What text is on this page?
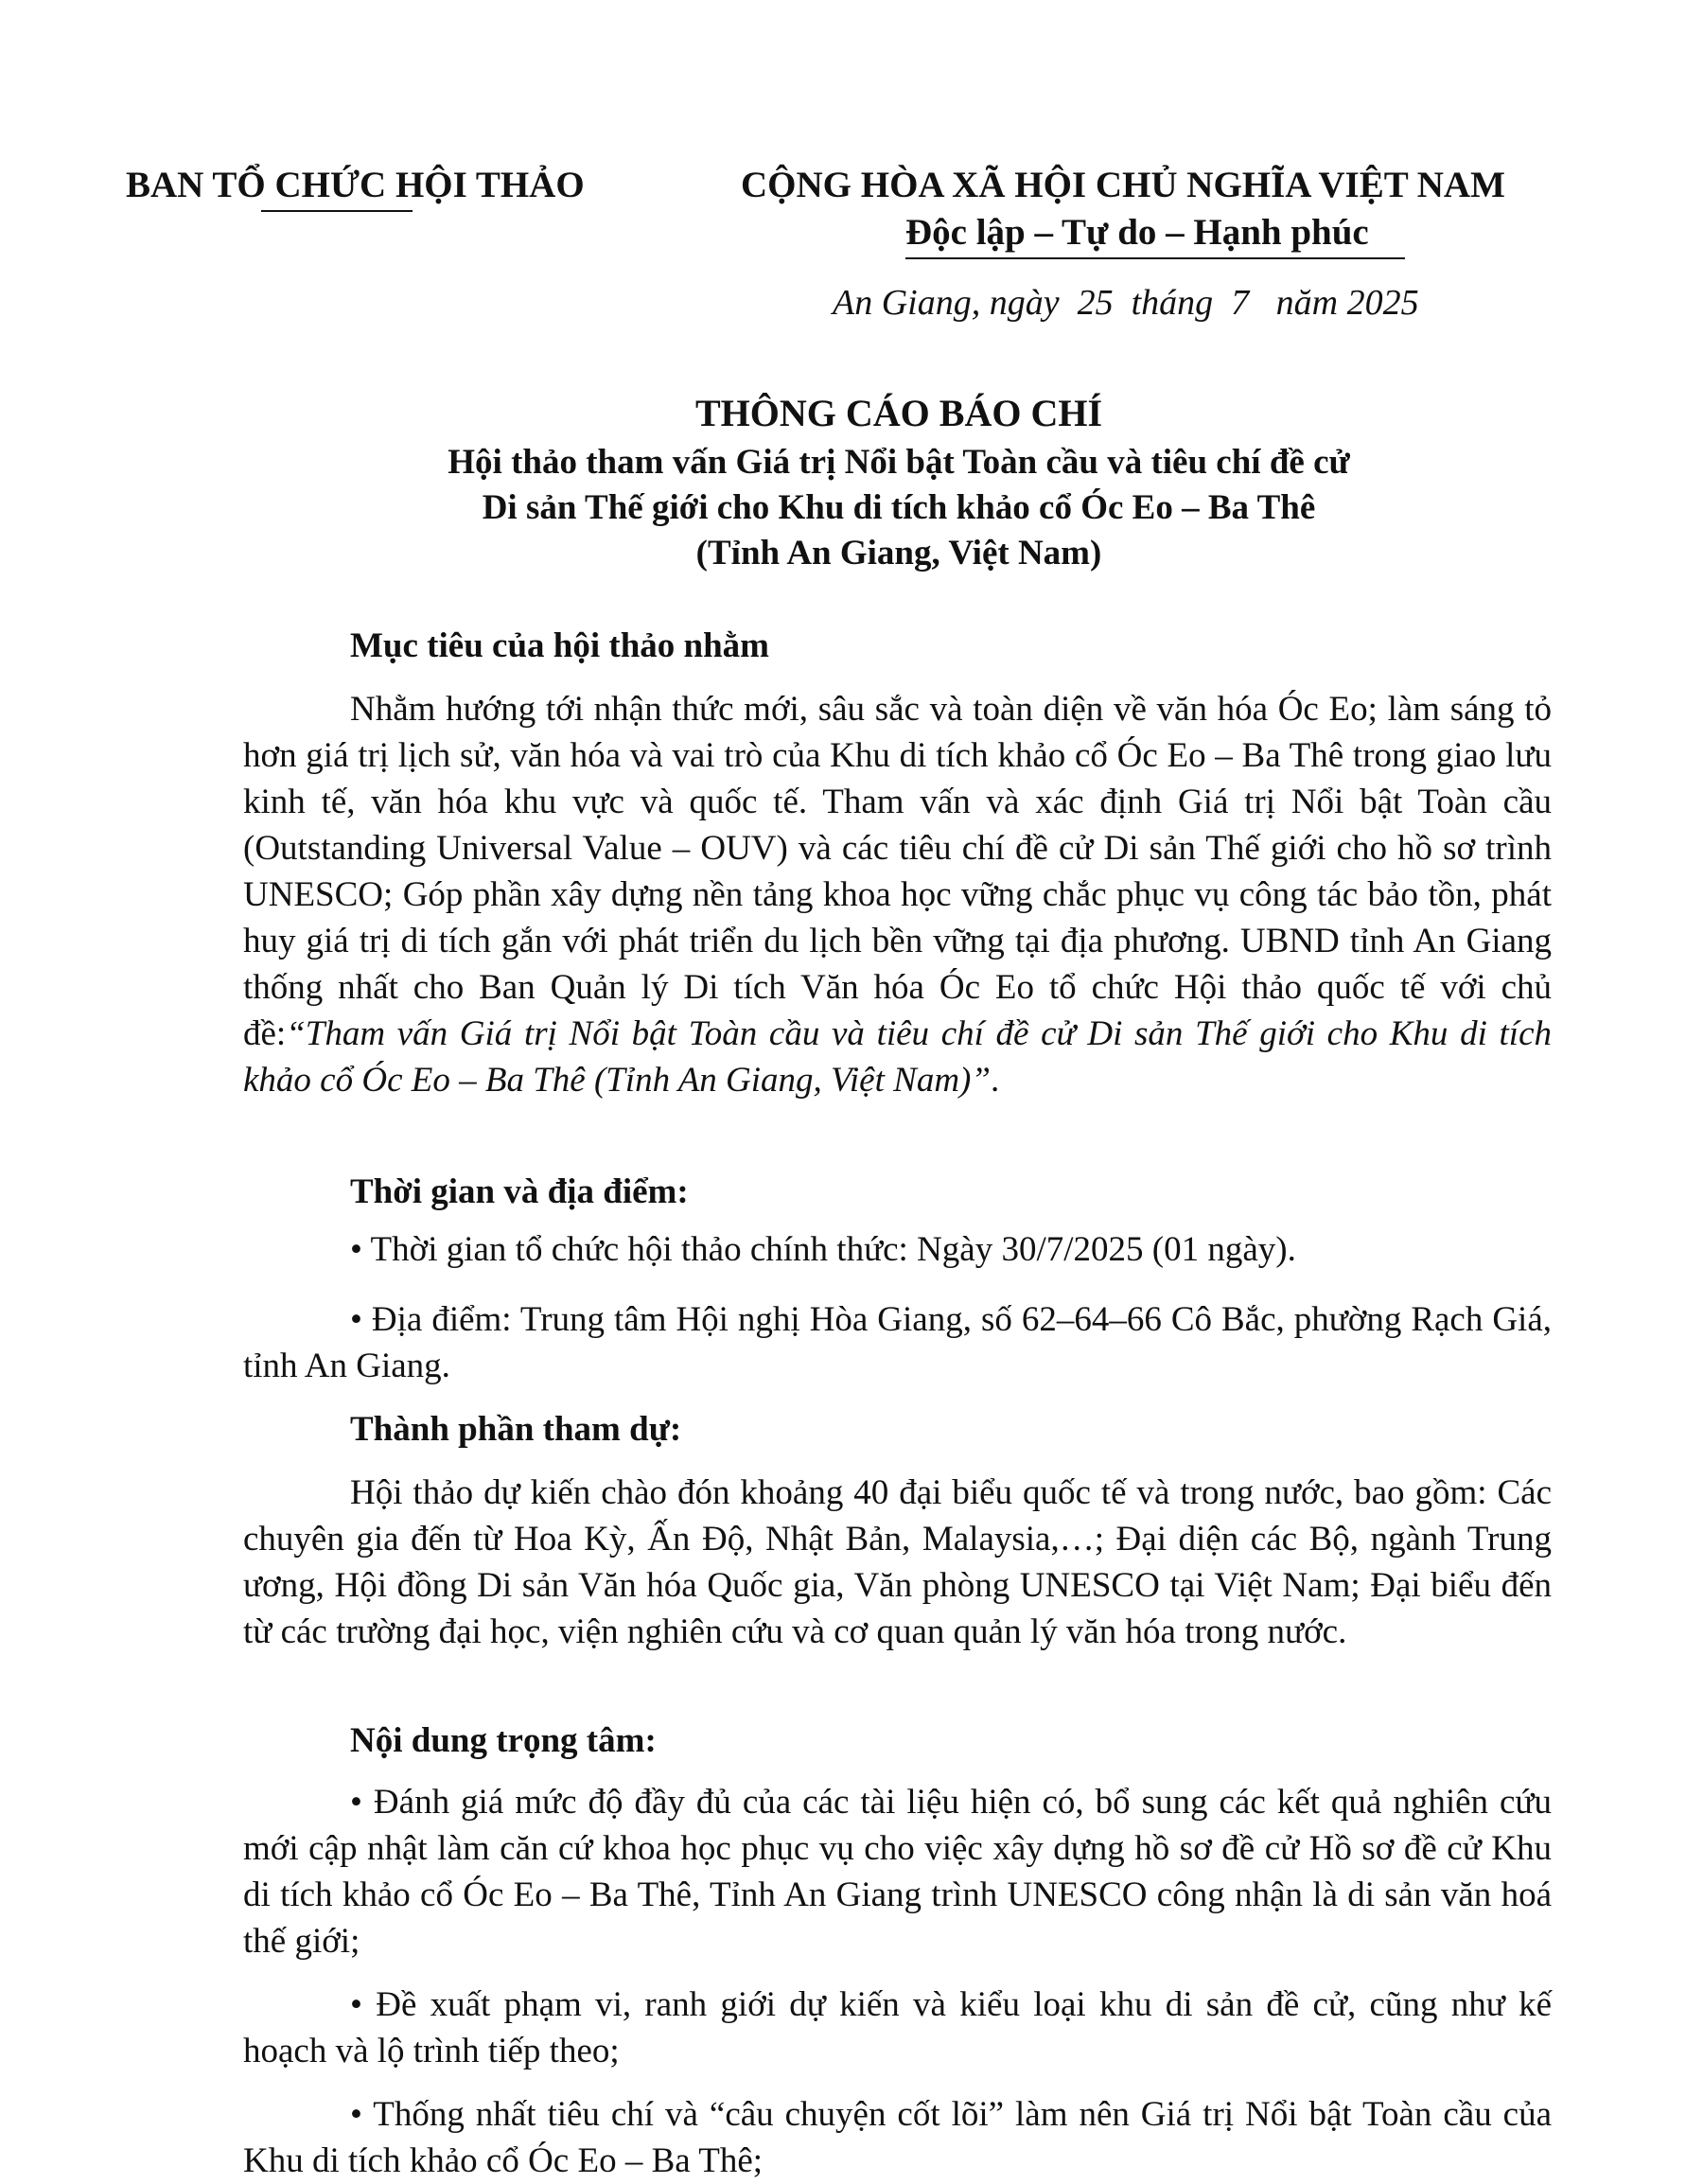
BAN TỔ CHỨC HỘI THẢO	CỘNG HÒA XÃ HỘI CHỦ NGHĨA VIỆT NAM
Độc lập – Tự do – Hạnh phúc
An Giang, ngày  25  tháng  7   năm 2025
THÔNG CÁO BÁO CHÍ
Hội thảo tham vấn Giá trị Nổi bật Toàn cầu và tiêu chí đề cử
Di sản Thế giới cho Khu di tích khảo cổ Óc Eo – Ba Thê
(Tỉnh An Giang, Việt Nam)
Mục tiêu của hội thảo nhằm
Nhằm hướng tới nhận thức mới, sâu sắc và toàn diện về văn hóa Óc Eo; làm sáng tỏ hơn giá trị lịch sử, văn hóa và vai trò của Khu di tích khảo cổ Óc Eo – Ba Thê trong giao lưu kinh tế, văn hóa khu vực và quốc tế. Tham vấn và xác định Giá trị Nổi bật Toàn cầu (Outstanding Universal Value – OUV) và các tiêu chí đề cử Di sản Thế giới cho hồ sơ trình UNESCO; Góp phần xây dựng nền tảng khoa học vững chắc phục vụ công tác bảo tồn, phát huy giá trị di tích gắn với phát triển du lịch bền vững tại địa phương. UBND tỉnh An Giang thống nhất cho Ban Quản lý Di tích Văn hóa Óc Eo tổ chức Hội thảo quốc tế với chủ đề:“Tham vấn Giá trị Nổi bật Toàn cầu và tiêu chí đề cử Di sản Thế giới cho Khu di tích khảo cổ Óc Eo – Ba Thê (Tỉnh An Giang, Việt Nam)”.
Thời gian và địa điểm:
• Thời gian tổ chức hội thảo chính thức: Ngày 30/7/2025 (01 ngày).
• Địa điểm: Trung tâm Hội nghị Hòa Giang, số 62–64–66 Cô Bắc, phường Rạch Giá, tỉnh An Giang.
Thành phần tham dự:
Hội thảo dự kiến chào đón khoảng 40 đại biểu quốc tế và trong nước, bao gồm: Các chuyên gia đến từ Hoa Kỳ, Ấn Độ, Nhật Bản, Malaysia,…; Đại diện các Bộ, ngành Trung ương, Hội đồng Di sản Văn hóa Quốc gia, Văn phòng UNESCO tại Việt Nam; Đại biểu đến từ các trường đại học, viện nghiên cứu và cơ quan quản lý văn hóa trong nước.
Nội dung trọng tâm:
• Đánh giá mức độ đầy đủ của các tài liệu hiện có, bổ sung các kết quả nghiên cứu mới cập nhật làm căn cứ khoa học phục vụ cho việc xây dựng hồ sơ đề cử Hồ sơ đề cử Khu di tích khảo cổ Óc Eo – Ba Thê, Tỉnh An Giang trình UNESCO công nhận là di sản văn hoá thế giới;
• Đề xuất phạm vi, ranh giới dự kiến và kiểu loại khu di sản đề cử, cũng như kế hoạch và lộ trình tiếp theo;
• Thống nhất tiêu chí và “câu chuyện cốt lõi” làm nên Giá trị Nổi bật Toàn cầu của Khu di tích khảo cổ Óc Eo – Ba Thê;
